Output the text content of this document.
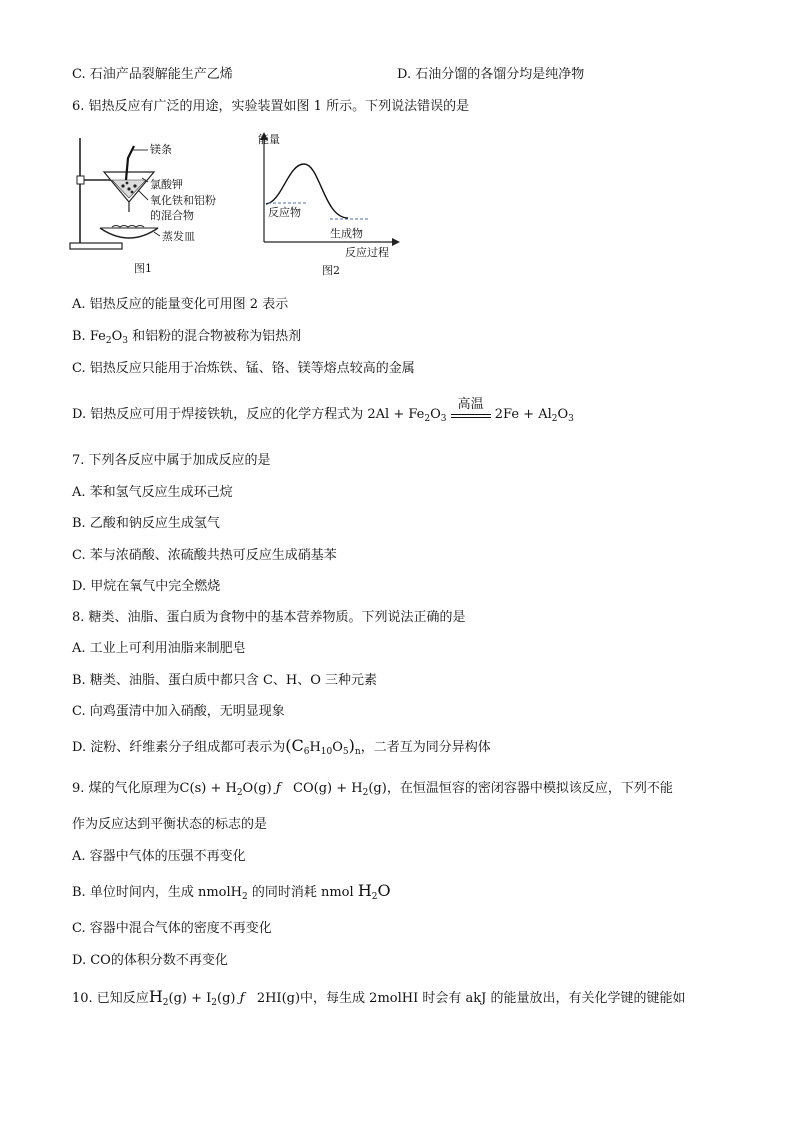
C. 石油产品裂解能生产乙烯	D. 石油分馏的各馏分均是纯净物
6. 铝热反应有广泛的用途，实验装置如图 1 所示。下列说法错误的是
镁条
氯酸钾
氧化铁和铝粉
的混合物
蒸发皿
图1
能量
反应物
生成物
反应过程
图2
A. 铝热反应的能量变化可用图 2 表示
B. $Fe_2O_3$ 和铝粉的混合物被称为铝热剂
C. 铝热反应只能用于冶炼铁、锰、铬、镁等熔点较高的金属
D. 铝热反应可用于焊接铁轨，反应的化学方程式为 $2Al + Fe_2O_3$
高温
$2Fe + Al_2O_3$
7. 下列各反应中属于加成反应的是
A. 苯和氢气反应生成环己烷
B. 乙酸和钠反应生成氢气
C. 苯与浓硝酸、浓硫酸共热可反应生成硝基苯
D. 甲烷在氧气中完全燃烧
8. 糖类、油脂、蛋白质为食物中的基本营养物质。下列说法正确的是
A. 工业上可利用油脂来制肥皂
B. 糖类、油脂、蛋白质中都只含 C、H、O 三种元素
C. 向鸡蛋清中加入硝酸，无明显现象
D. 淀粉、纤维素分子组成都可表示为$(C_6H_{10}O_5)_n$，二者互为同分异构体
9. 煤的气化原理为$C(s) + H_2O(g)$ ƒ $CO(g) + H_2(g)$，在恒温恒容的密闭容器中模拟该反应，下列不能
作为反应达到平衡状态的标志的是
A. 容器中气体的压强不再变化
B. 单位时间内，生成 nmolH$_2$ 的同时消耗 nmol $H_2O$
C. 容器中混合气体的密度不再变化
D. CO的体积分数不再变化
10. 已知反应$H_2(g) + I_2(g)$ ƒ 2HI(g)中，每生成 2molHI 时会有 akJ 的能量放出，有关化学键的键能如
